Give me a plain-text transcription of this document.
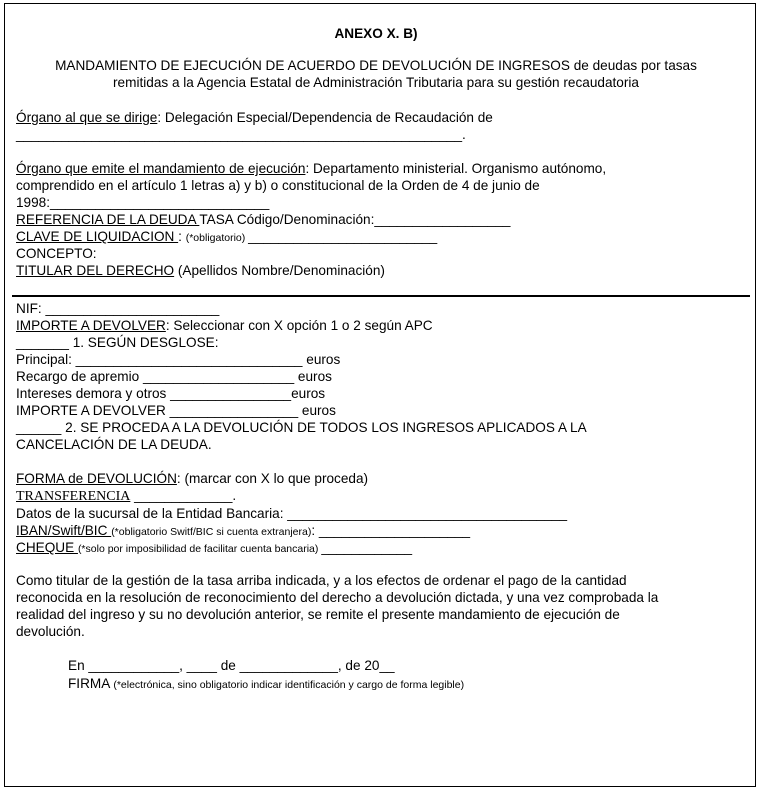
ANEXO X. B)
MANDAMIENTO DE EJECUCIÓN DE ACUERDO DE DEVOLUCIÓN DE INGRESOS de deudas por tasas
remitidas a la Agencia Estatal de Administración Tributaria para su gestión recaudatoria
Órgano al que se dirige: Delegación Especial/Dependencia de Recaudación de
___________________________________________________________.
Órgano que emite el mandamiento de ejecución: Departamento ministerial. Organismo autónomo,
comprendido en el artículo 1 letras a) y b) o constitucional de la Orden de 4 de junio de
1998:_____________________________
REFERENCIA DE LA DEUDA TASA Código/Denominación:__________________
CLAVE DE LIQUIDACION : (*obligatorio) _________________________
CONCEPTO:
TITULAR DEL DERECHO (Apellidos Nombre/Denominación)
NIF: _______________________
IMPORTE A DEVOLVER: Seleccionar con X opción 1 o 2 según APC
_______ 1. SEGÚN DESGLOSE:
Principal: ______________________________ euros
Recargo de apremio ____________________ euros
Intereses demora y otros ________________euros
IMPORTE A DEVOLVER _________________ euros
______ 2. SE PROCEDA A LA DEVOLUCIÓN DE TODOS LOS INGRESOS APLICADOS A LA
CANCELACIÓN DE LA DEUDA.
FORMA de DEVOLUCIÓN: (marcar con X lo que proceda)
TRANSFERENCIA _____________.
Datos de la sucursal de la Entidad Bancaria: _____________________________________
IBAN/Swift/BIC (*obligatorio Switf/BIC si cuenta extranjera): ____________________
CHEQUE (*solo por imposibilidad de facilitar cuenta bancaria) ____________
Como titular de la gestión de la tasa arriba indicada, y a los efectos de ordenar el pago de la cantidad
reconocida en la resolución de reconocimiento del derecho a devolución dictada, y una vez comprobada la
realidad del ingreso y su no devolución anterior, se remite el presente mandamiento de ejecución de
devolución.
En ____________, ____ de _____________, de 20__
FIRMA (*electrónica, sino obligatorio indicar identificación y cargo de forma legible)
